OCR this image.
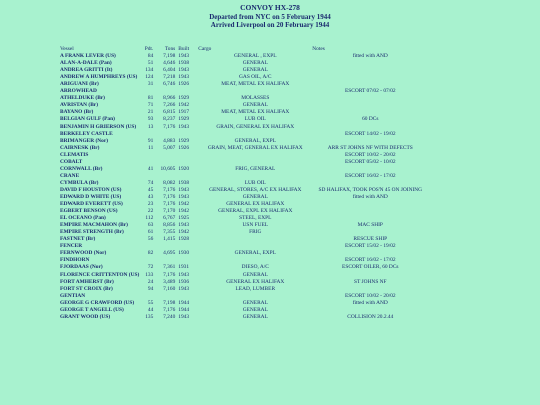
CONVOY HX-278
Departed from NYC on 5 February 1944
Arrived Liverpool on 20 February 1944
Vessel	Pdt.	Tons	Built	Cargo	Notes
A FRANK LEVER (US)	84	7,198	1943	GENERAL , EXPL	fitted with AND
ALAN-A-DALE (Pan)	51	4,646	1938	GENERAL	
ANDREA GRITTI (It)	134	6,404	1943	GENERAL	
ANDREW A HUMPHREYS (US)	124	7,218	1943	GAS OIL, A/C	
ARIGUANI (Br)	31	6,746	1926	MEAT, METAL EX HALIFAX	
ARROWHEAD					ESCORT 07/02 - 07/02
ATHELDUKE (Br)	81	8,966	1929	MOLASSES	
AVRISTAN (Br)	71	7,266	1942	GENERAL	
BAYANO (Br)	21	6,815	1917	MEAT, METAL EX HALIFAX	
BELGIAN GULF (Pan)	93	8,237	1929	LUB OIL	60 DCs
BENJAMIN H GRIERSON (US)	13	7,176	1943	GRAIN, GENERAL EX HALIFAX	
BERKELEY CASTLE					ESCORT 14/02 - 19/02
BRIMANGER (Nor)	91	4,883	1929	GENERAL, EXPL	
CAIRNESK (Br)	11	5,007	1926	GRAIN, MEAT, GENERAL EX HALIFAX	ARR ST JOHNS NF WITH DEFECTS
CLEMATIS					ESCORT 10/02 - 20/02
COBALT					ESCORT 05/02 - 10/02
CORNWALL (Br)	41	10,605	1920	FRIG, GENERAL	
CRANE					ESCORT 16/02 - 17/02
CYMBULA (Br)	74	8,082	1938	LUB OIL	
DAVID F HOUSTON (US)	45	7,176	1943	GENERAL, STORES, A/C EX HALIFAX	SD HALIFAX, TOOK POS'N 45 ON JOINING
EDWARD D WHITE (US)	43	7,176	1943	GENERAL	fitted with AND
EDWARD EVERETT (US)	23	7,176	1942	GENERAL EX HALIFAX	
EGBERT BENSON (US)	22	7,170	1942	GENERAL, EXPL EX HALIFAX	
EL OCEANO (Pan)	112	6,767	1925	STEEL, EXPL	
EMPIRE MACMAHON (Br)	63	8,856	1943	USN FUEL	MAC SHIP
EMPIRE STRENGTH (Br)	61	7,355	1942	FRIG	
FASTNET (Br)	56	1,415	1928		RESCUE SHIP
FENCER					ESCORT 15/02 - 19/02
FERNWOOD (Nor)	82	4,695	1930	GENERAL, EXPL	
FINDHORN					ESCORT 16/02 - 17/02
FJORDAAS (Nor)	72	7,361	1931	DIESO, A/C	ESCORT OILER, 60 DCs
FLORENCE CRITTENTON (US)	133	7,176	1943	GENERAL	
FORT AMHERST (Br)	24	3,489	1936	GENERAL EX HALIFAX	ST JOHNS NF
FORT ST CROIX (Br)	94	7,160	1943	LEAD, LUMBER	
GENTIAN					ESCORT 10/02 - 20/02
GEORGE G CRAWFORD (US)	55	7,198	1944	GENERAL	fitted with AND
GEORGE T ANGELL (US)	44	7,176	1944	GENERAL	
GRANT WOOD (US)	135	7,240	1943	GENERAL	COLLISION 20.2.44
